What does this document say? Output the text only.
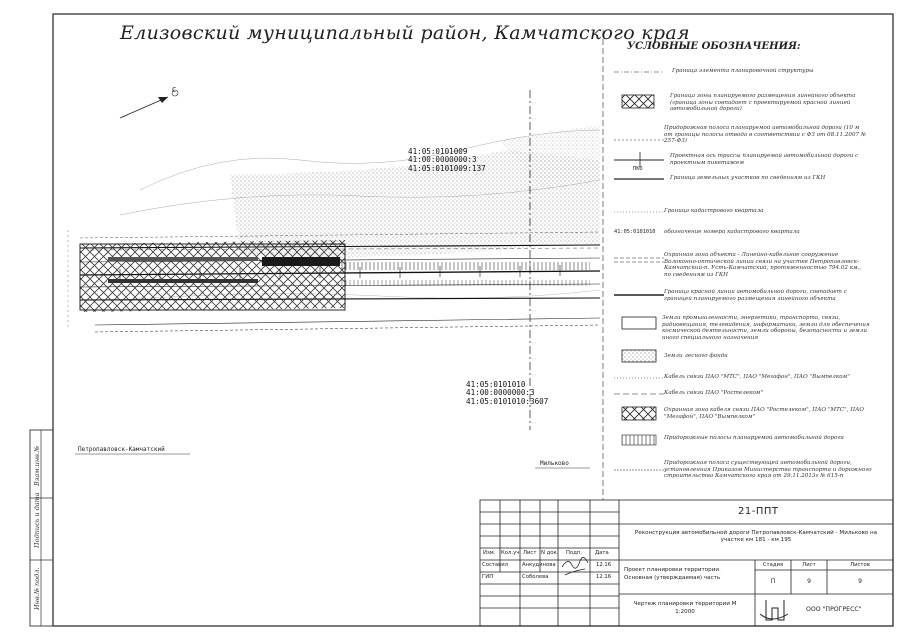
Елизовский муниципальный район, Камчатского края
С
41:05:0101009
41:00:0000000:3
41:05:0101009:137
41:05:0101010
41:00:0000000:3
41:05:0101010:3607
Петропавловск-Камчатский
Мильково
Инв.№ подл.
Подпись и дата
Взам.инв.№
УСЛОВНЫЕ ОБОЗНАЧЕНИЯ:
Граница элемента планировочной структуры
Граница зоны планируемого размещения линейного объекта (граница зоны совпадает с проектируемой красной линией автомобильной дороги)
Придорожная полоса планируемой автомобильной дороги (10 м от границы полосы отвода в соответствии с ФЗ от 08.11.2007 № 257-ФЗ)
Проектная ось трассы планируемой автомобильной дороги с проектным пикетажем
ПКО
Граница земельных участков по сведениям из ГКН
Граница кадастрового квартала
41:05:0101010 обозначение номера кадастрового квартала
Охранная зона объекта - Линейно-кабельное сооружение Волоконно-оптической линии связи на участке Петропавловск-Камчатский-п. Усть-Камчатский, протяженностью 794.02 км., по сведениям из ГКН
Граница красной линии автомобильной дороги, совпадает с границей планируемого размещения линейного объекта
Земли промышленности, энергетики, транспорта, связи, радиовещания, телевидения, информатики, земли для обеспечения космической деятельности, земли обороны, безопасности и земли иного специального назначения
Земли лесного фонда
Кабель связи ПАО "МТС", ПАО "Мегафон", ПАО "Вымпелком"
Кабель связи ПАО "Ростелеком"
Охранная зона кабеля связи ПАО "Ростелеком", ПАО "МТС", ПАО "Мегафон", ПАО "Вымпелком"
Придорожные полосы планируемой автомобильной дороги
Придорожная полоса существующей автомобильной дороги, установленная Приказом Министерства транспорта и дорожного строительства Камчатского края от 29.11.2013г № 615-п
21-ППТ
Реконструкция автомобильной дороги Петропавловск-Камчатский - Мильково на участке км 181 - км 195
Изм. Кол.уч Лист N док. Подп. Дата
Составил	Анкудинова	12.16
ГИП	Соболева	12.16
Проект планировки территории. Основная (утверждаемая) часть
Стадия	Лист	Листов
П	9	9
Чертеж планировки территории М 1:2000	ООО "ПРОГРЕСС"
